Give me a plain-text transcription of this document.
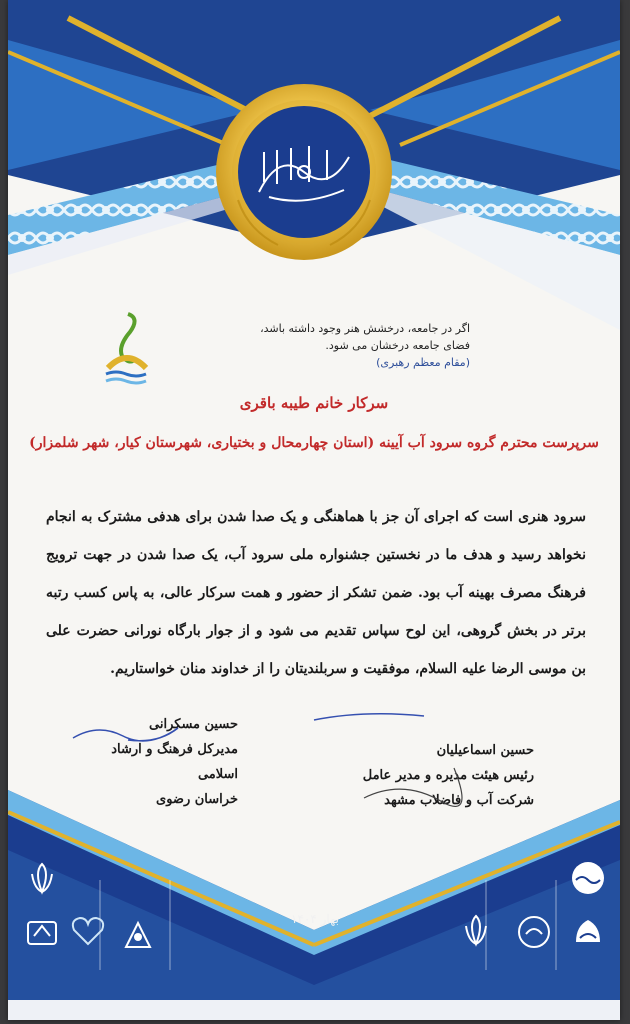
اگر در جامعه، درخشش هنر وجود داشته باشد،
فضای جامعه درخشان می شود.
(مقام معظم رهبری)
سرکار خانم طیبه باقری
سرپرست محترم گروه سرود آب آیینه (استان چهارمحال و بختیاری، شهرستان کیار، شهر شلمزار)
سرود هنری است که اجرای آن جز با هماهنگی و یک صدا شدن برای هدفی مشترک به انجام نخواهد رسید و هدف ما در نخستین جشنواره ملی سرود آب، یک صدا شدن در جهت ترویج فرهنگ مصرف بهینه آب بود. ضمن تشکر از حضور و همت سرکار عالی، به پاس کسب رتبه برتر در بخش گروهی، این لوح سپاس تقدیم می شود و از جوار بارگاه نورانی حضرت علی بن موسی الرضا علیه السلام، موفقیت و سربلندیتان را از خداوند منان خواستاریم.
حسین مسکرانی
مدیرکل فرهنگ و ارشاد اسلامی
خراسان رضوی
حسین اسماعیلیان
رئیس هیئت مدیره و مدیر عامل
شرکت آب و فاضلاب مشهد
بهار ۱۴۰۴
